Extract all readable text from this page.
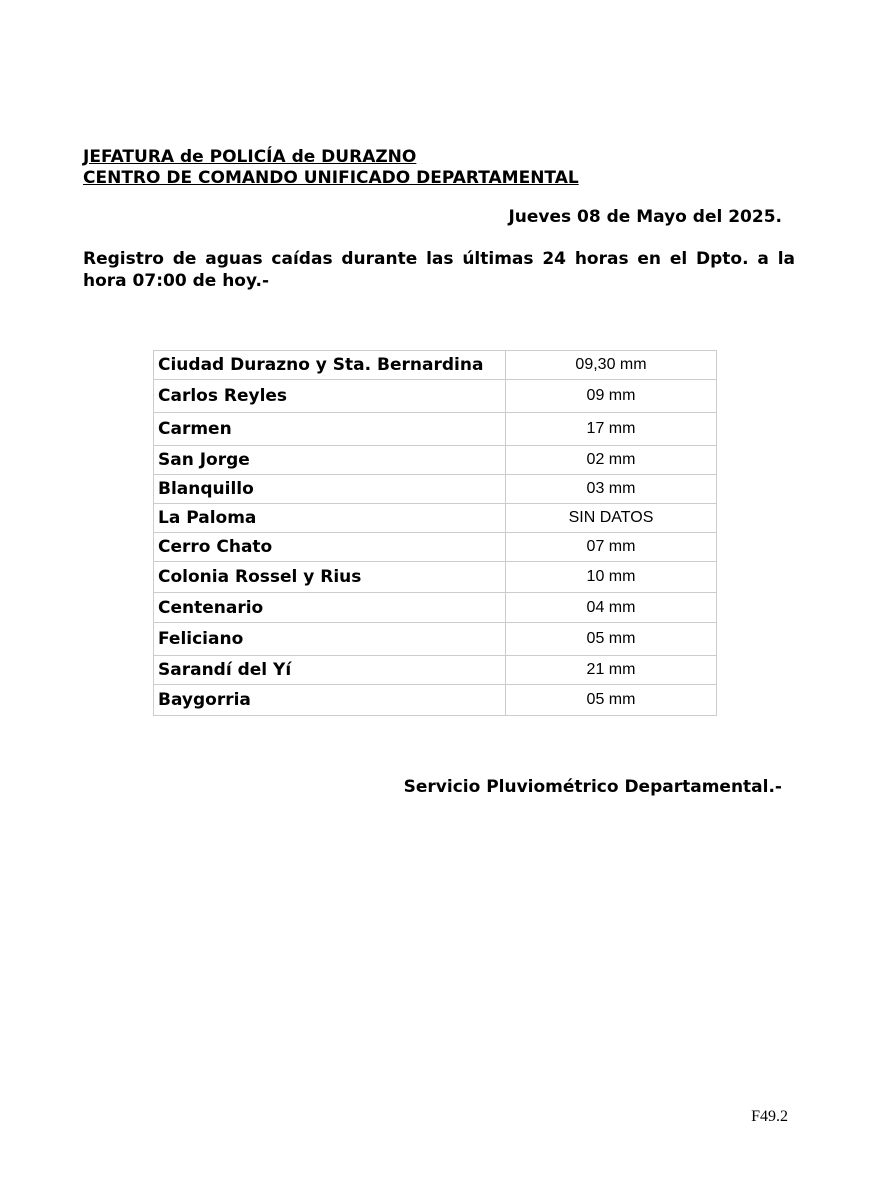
JEFATURA de POLICÍA de DURAZNO
CENTRO DE COMANDO UNIFICADO DEPARTAMENTAL
Jueves 08 de Mayo del 2025.
Registro de aguas caídas durante las últimas 24 horas en el Dpto. a la hora 07:00 de hoy.-
Ciudad Durazno y Sta. Bernardina	09,30 mm
Carlos Reyles	09 mm
Carmen	17 mm
San Jorge	02 mm
Blanquillo	03 mm
La Paloma	SIN DATOS
Cerro Chato	07 mm
Colonia Rossel y Rius	10 mm
Centenario	04 mm
Feliciano	05 mm
Sarandí del Yí	21 mm
Baygorria	05 mm
Servicio Pluviométrico Departamental.-
F49.2
